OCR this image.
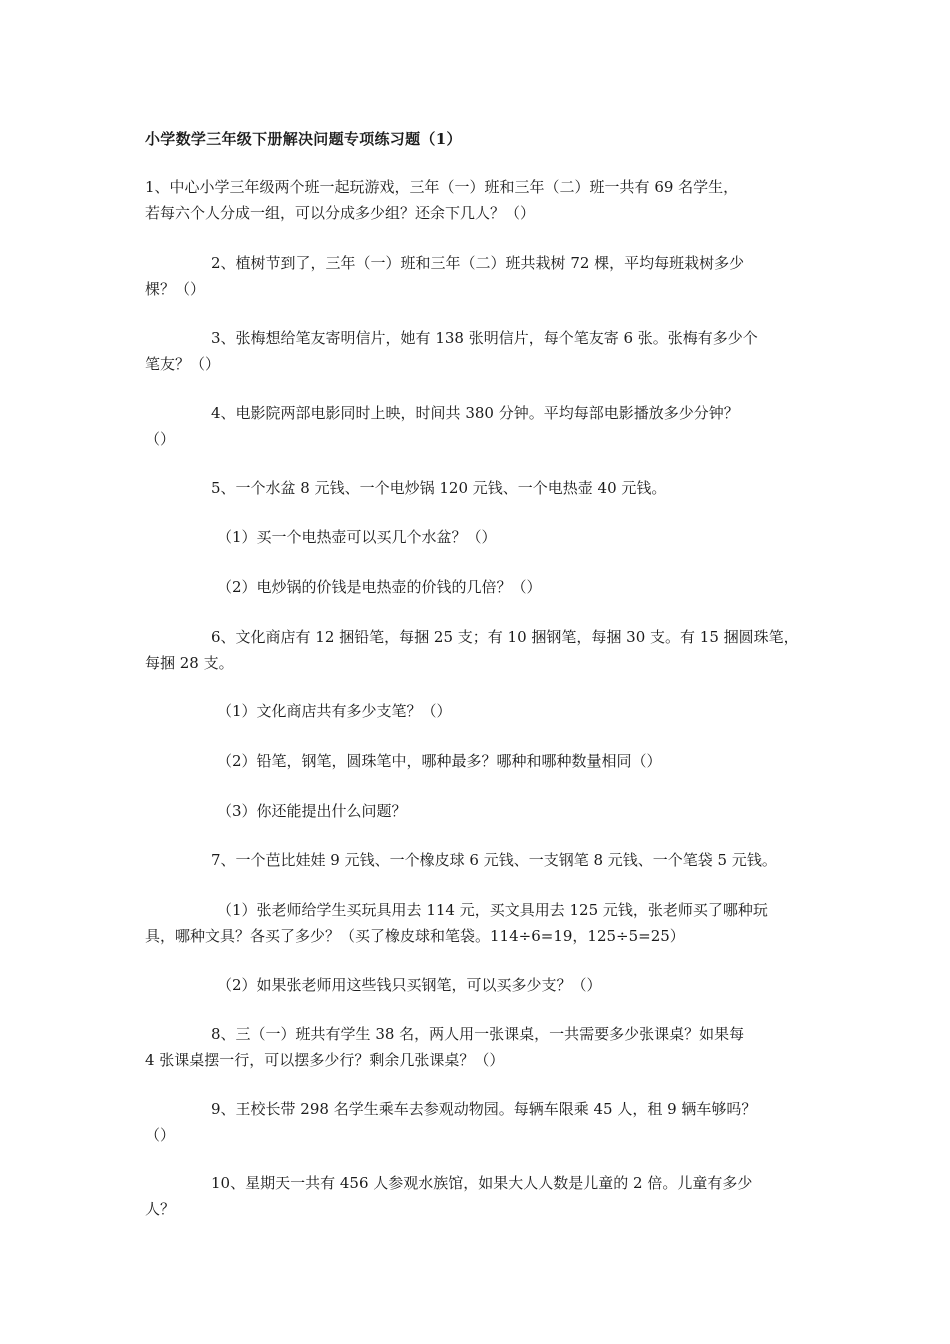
小学数学三年级下册解决问题专项练习题（1）
1、中心小学三年级两个班一起玩游戏，三年（一）班和三年（二）班一共有 69 名学生，
若每六个人分成一组，可以分成多少组？还余下几人？（）
2、植树节到了，三年（一）班和三年（二）班共栽树 72 棵，平均每班栽树多少
棵？（）
3、张梅想给笔友寄明信片，她有 138 张明信片，每个笔友寄 6 张。张梅有多少个
笔友？（）
4、电影院两部电影同时上映，时间共 380 分钟。平均每部电影播放多少分钟？
（）
5、一个水盆 8 元钱、一个电炒锅 120 元钱、一个电热壶 40 元钱。
（1）买一个电热壶可以买几个水盆？（）
（2）电炒锅的价钱是电热壶的价钱的几倍？（）
6、文化商店有 12 捆铅笔，每捆 25 支；有 10 捆钢笔，每捆 30 支。有 15 捆圆珠笔，
每捆 28 支。
（1）文化商店共有多少支笔？（）
（2）铅笔，钢笔，圆珠笔中，哪种最多？哪种和哪种数量相同（）
（3）你还能提出什么问题？
7、一个芭比娃娃 9 元钱、一个橡皮球 6 元钱、一支钢笔 8 元钱、一个笔袋 5 元钱。
（1）张老师给学生买玩具用去 114 元，买文具用去 125 元钱，张老师买了哪种玩
具，哪种文具？各买了多少？（买了橡皮球和笔袋。114÷6=19，125÷5=25）
（2）如果张老师用这些钱只买钢笔，可以买多少支？（）
8、三（一）班共有学生 38 名，两人用一张课桌，一共需要多少张课桌？如果每
4 张课桌摆一行，可以摆多少行？剩余几张课桌？（）
9、王校长带 298 名学生乘车去参观动物园。每辆车限乘 45 人，租 9 辆车够吗？
（）
10、星期天一共有 456 人参观水族馆，如果大人人数是儿童的 2 倍。儿童有多少
人？
